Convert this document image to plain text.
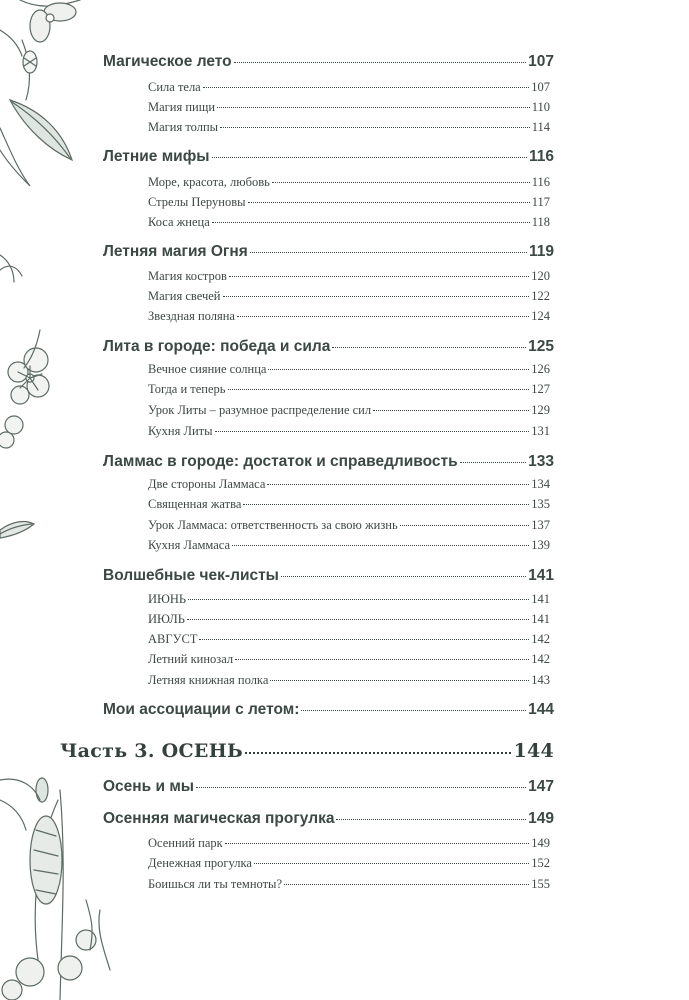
Магическое лето	107
Сила тела	107
Магия пищи	110
Магия толпы	114
Летние мифы	116
Море, красота, любовь	116
Стрелы Перуновы	117
Коса жнеца	118
Летняя магия Огня	119
Магия костров	120
Магия свечей	122
Звездная поляна	124
Лита в городе: победа и сила	125
Вечное сияние солнца	126
Тогда и теперь	127
Урок Литы – разумное распределение сил	129
Кухня Литы	131
Ламмас в городе: достаток и справедливость	133
Две стороны Ламмаса	134
Священная жатва	135
Урок Ламмаса: ответственность за свою жизнь	137
Кухня Ламмаса	139
Волшебные чек-листы	141
ИЮНЬ	141
ИЮЛЬ	141
АВГУСТ	142
Летний кинозал	142
Летняя книжная полка	143
Мои ассоциации с летом:	144
Часть 3. ОСЕНЬ	144
Осень и мы	147
Осенняя магическая прогулка	149
Осенний парк	149
Денежная прогулка	152
Боишься ли ты темноты?	155
